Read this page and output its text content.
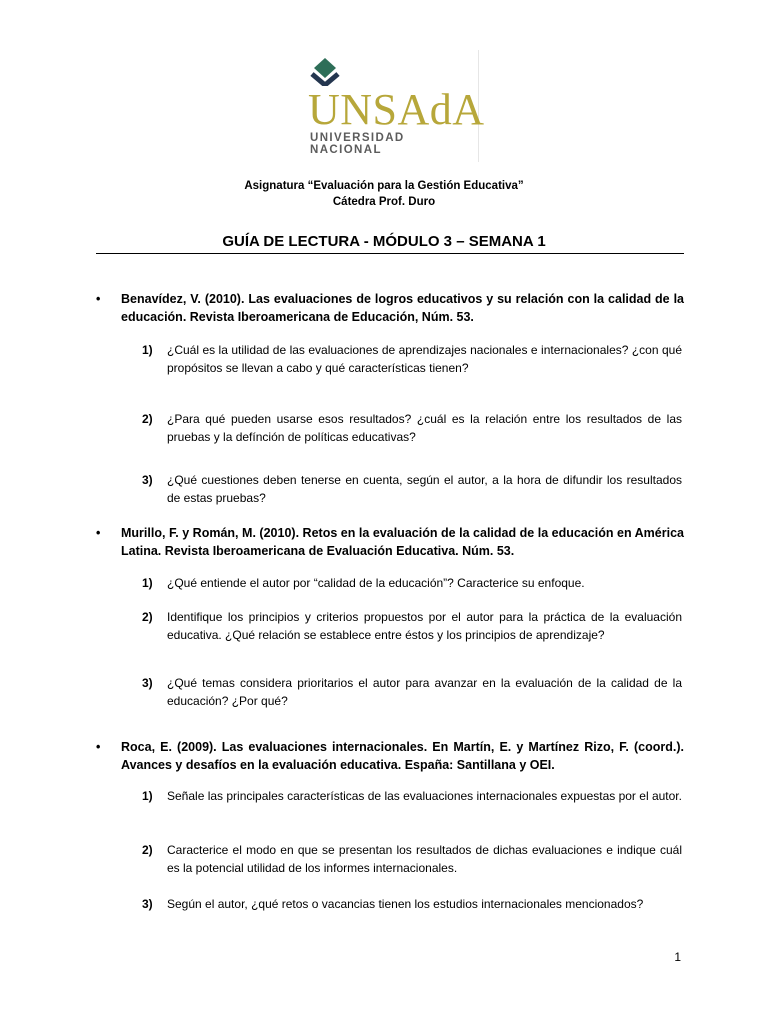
UNSAdA
UNIVERSIDAD NACIONAL
Asignatura “Evaluación para la Gestión Educativa”
Cátedra Prof. Duro
GUÍA DE LECTURA - MÓDULO 3 – SEMANA 1
• Benavídez, V. (2010). Las evaluaciones de logros educativos y su relación con la calidad de la educación. Revista Iberoamericana de Educación, Núm. 53.
1) ¿Cuál es la utilidad de las evaluaciones de aprendizajes nacionales e internacionales? ¿con qué propósitos se llevan a cabo y qué características tienen?
2) ¿Para qué pueden usarse esos resultados? ¿cuál es la relación entre los resultados de las pruebas y la defínción de políticas educativas?
3) ¿Qué cuestiones deben tenerse en cuenta, según el autor, a la hora de difundir los resultados de estas pruebas?
• Murillo, F. y Román, M. (2010). Retos en la evaluación de la calidad de la educación en América Latina. Revista Iberoamericana de Evaluación Educativa. Núm. 53.
1) ¿Qué entiende el autor por “calidad de la educación”? Caracterice su enfoque.
2) Identifique los principios y criterios propuestos por el autor para la práctica de la evaluación educativa. ¿Qué relación se establece entre éstos y los principios de aprendizaje?
3) ¿Qué temas considera prioritarios el autor para avanzar en la evaluación de la calidad de la educación? ¿Por qué?
• Roca, E. (2009). Las evaluaciones internacionales. En Martín, E. y Martínez Rizo, F. (coord.). Avances y desafíos en la evaluación educativa. España: Santillana y OEI.
1) Señale las principales características de las evaluaciones internacionales expuestas por el autor.
2) Caracterice el modo en que se presentan los resultados de dichas evaluaciones e indique cuál es la potencial utilidad de los informes internacionales.
3) Según el autor, ¿qué retos o vacancias tienen los estudios internacionales mencionados?
1
